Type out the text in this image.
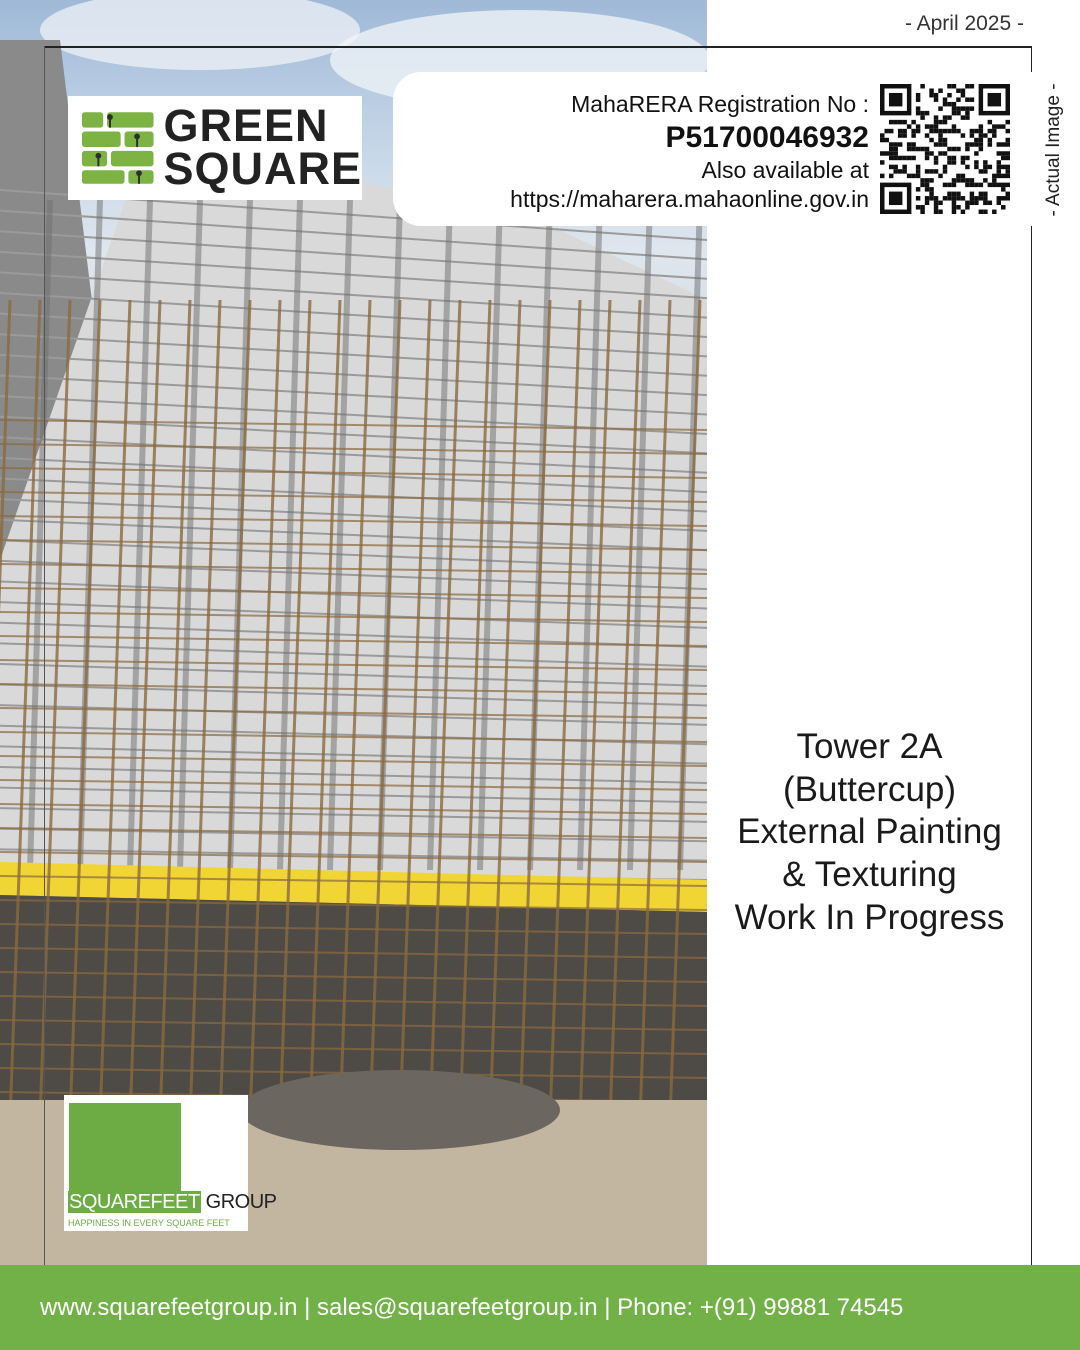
- April 2025 -
- Actual Image -
GREEN
SQUARE
MahaRERA Registration No :
P51700046932
Also available at
https://maharera.mahaonline.gov.in
Tower 2A
(Buttercup)
External Painting
& Texturing
Work In Progress
SQUAREFEET GROUP
HAPPINESS IN EVERY SQUARE FEET
www.squarefeetgroup.in | sales@squarefeetgroup.in | Phone: +(91) 99881 74545
